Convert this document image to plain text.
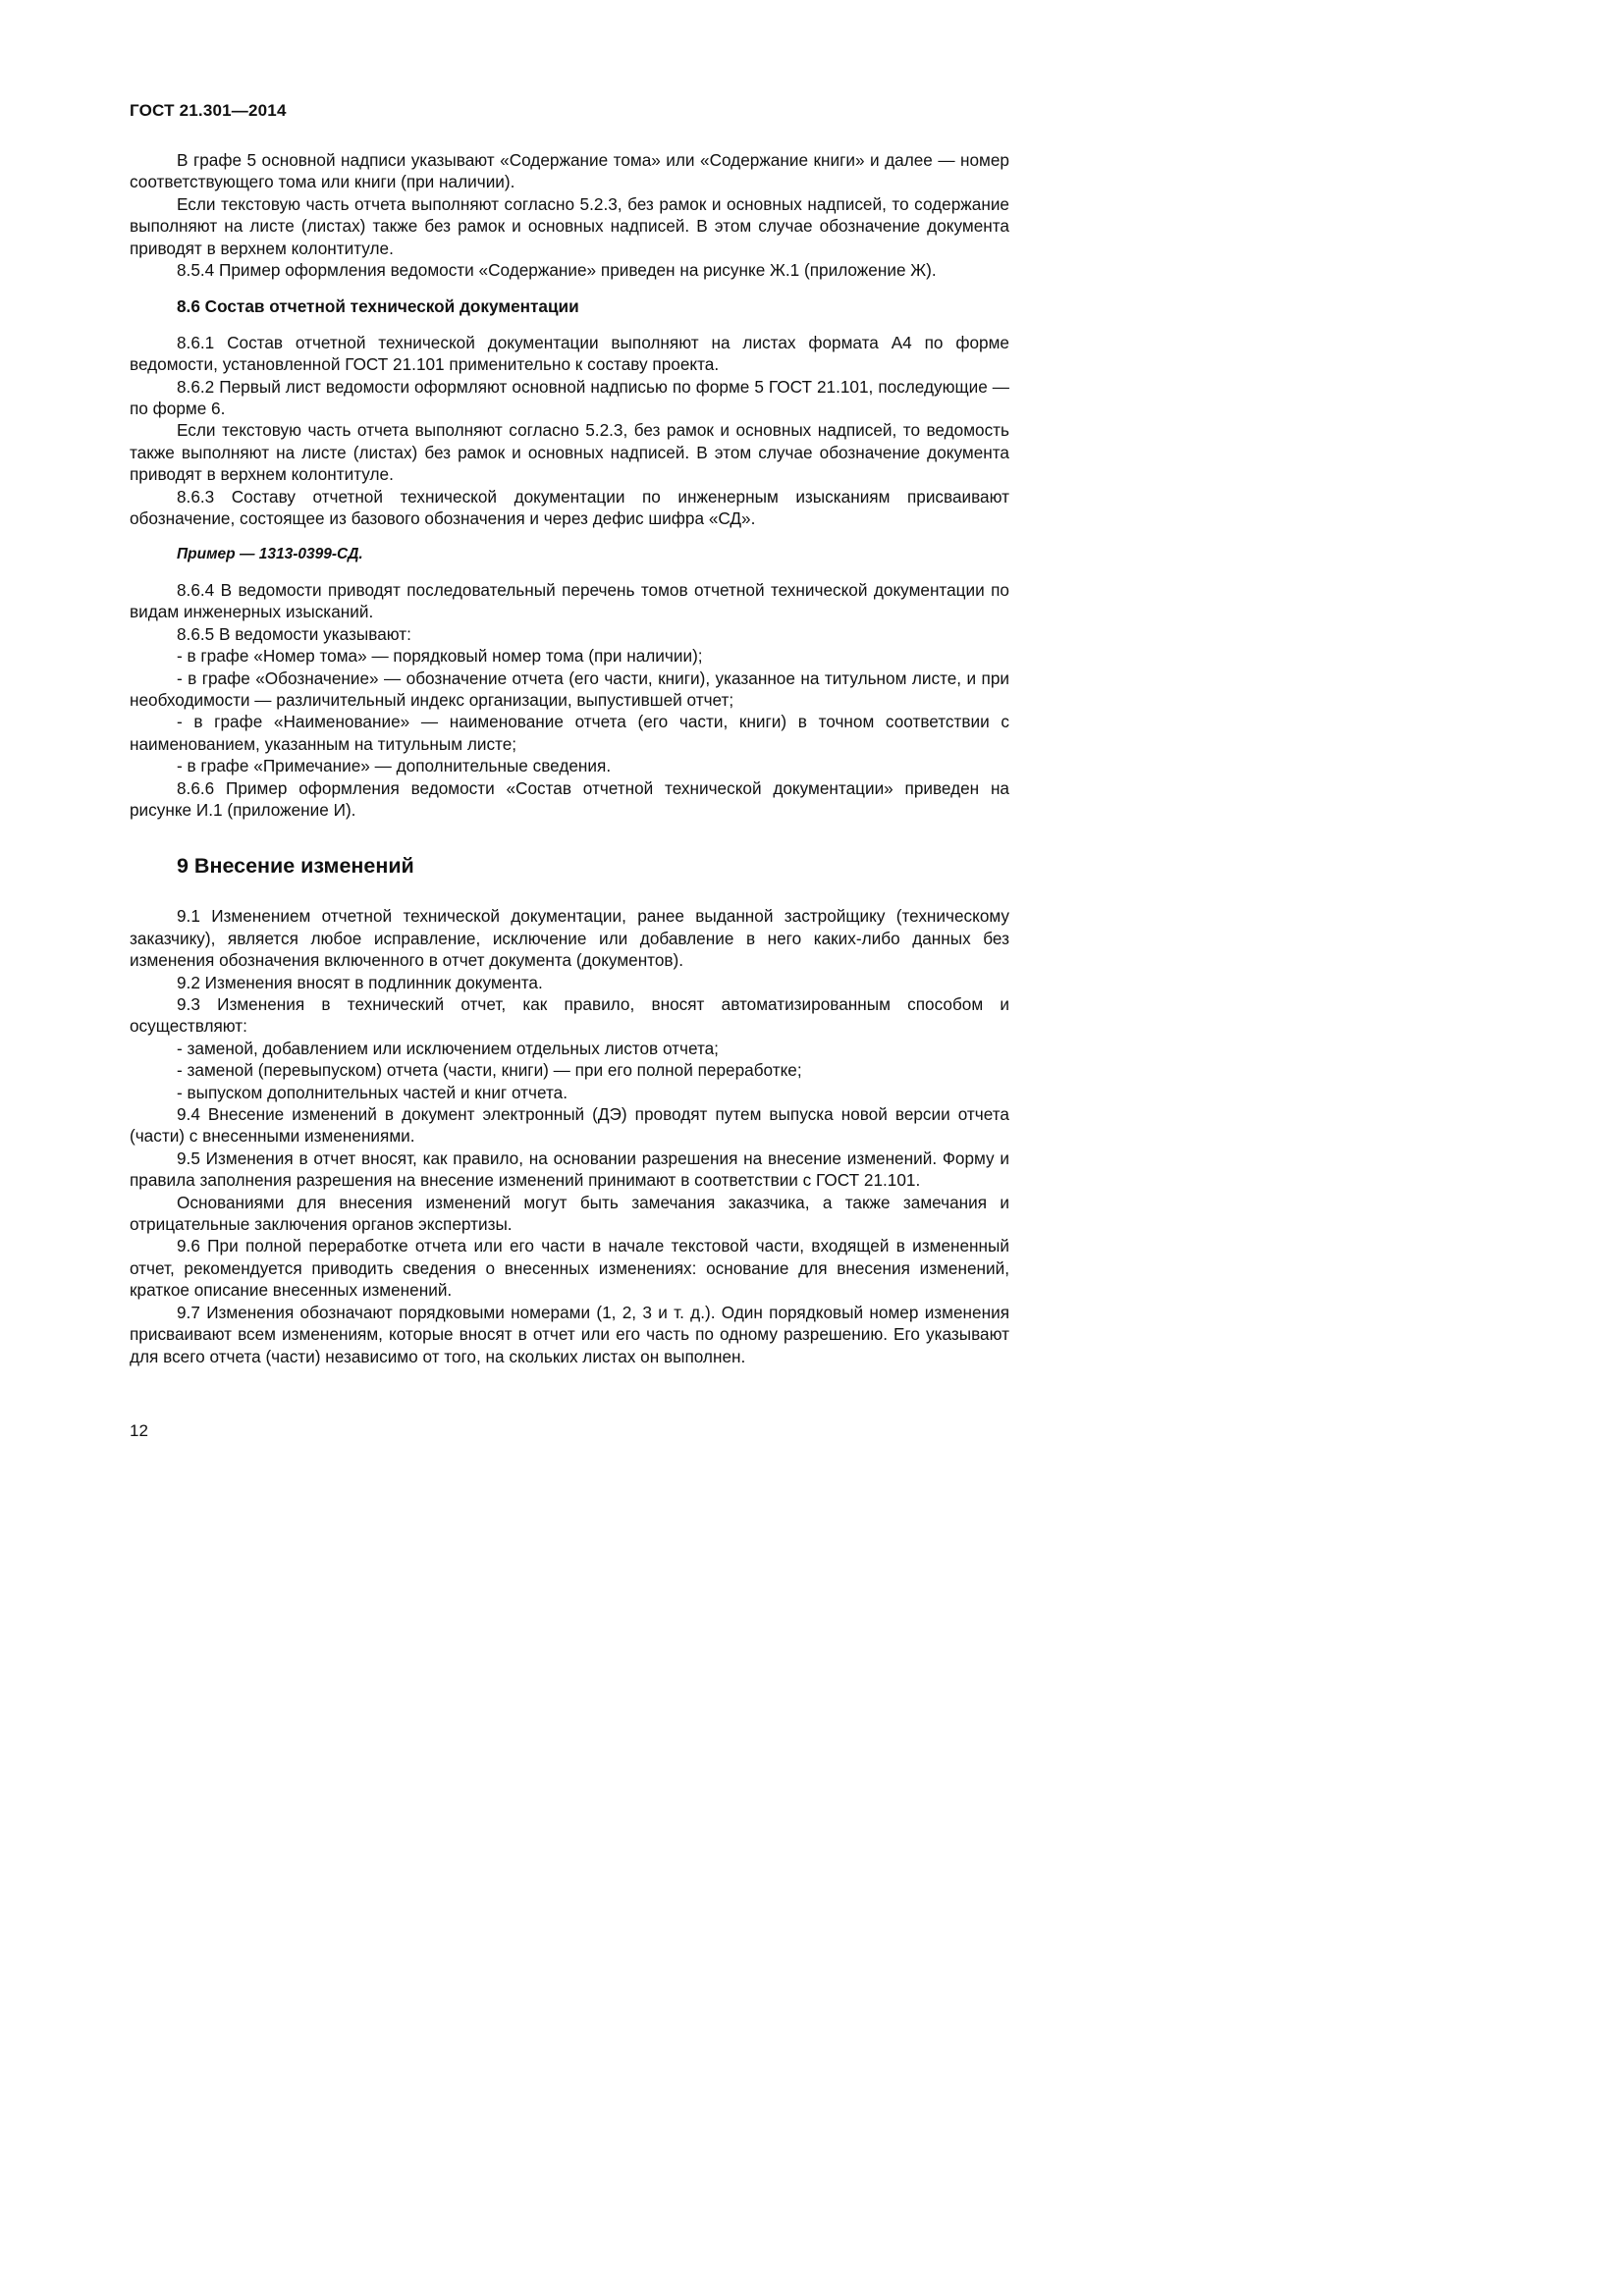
ГОСТ 21.301—2014

В графе 5 основной надписи указывают «Содержание тома» или «Содержание книги» и далее — номер соответствующего тома или книги (при наличии).

Если текстовую часть отчета выполняют согласно 5.2.3, без рамок и основных надписей, то содержание выполняют на листе (листах) также без рамок и основных надписей. В этом случае обозначение документа приводят в верхнем колонтитуле.

8.5.4 Пример оформления ведомости «Содержание» приведен на рисунке Ж.1 (приложение Ж).

8.6 Состав отчетной технической документации

8.6.1 Состав отчетной технической документации выполняют на листах формата А4 по форме ведомости, установленной ГОСТ 21.101 применительно к составу проекта.

8.6.2 Первый лист ведомости оформляют основной надписью по форме 5 ГОСТ 21.101, последующие — по форме 6.

Если текстовую часть отчета выполняют согласно 5.2.3, без рамок и основных надписей, то ведомость также выполняют на листе (листах) без рамок и основных надписей. В этом случае обозначение документа приводят в верхнем колонтитуле.

8.6.3 Составу отчетной технической документации по инженерным изысканиям присваивают обозначение, состоящее из базового обозначения и через дефис шифра «СД».

Пример — 1313-0399-СД.

8.6.4 В ведомости приводят последовательный перечень томов отчетной технической документации по видам инженерных изысканий.

8.6.5 В ведомости указывают:

- в графе «Номер тома» — порядковый номер тома (при наличии);

- в графе «Обозначение» — обозначение отчета (его части, книги), указанное на титульном листе, и при необходимости — различительный индекс организации, выпустившей отчет;

- в графе «Наименование» — наименование отчета (его части, книги) в точном соответствии с наименованием, указанным на титульным листе;

- в графе «Примечание» — дополнительные сведения.

8.6.6 Пример оформления ведомости «Состав отчетной технической документации» приведен на рисунке И.1 (приложение И).

9 Внесение изменений

9.1 Изменением отчетной технической документации, ранее выданной застройщику (техническому заказчику), является любое исправление, исключение или добавление в него каких-либо данных без изменения обозначения включенного в отчет документа (документов).

9.2 Изменения вносят в подлинник документа.

9.3 Изменения в технический отчет, как правило, вносят автоматизированным способом и осуществляют:

- заменой, добавлением или исключением отдельных листов отчета;

- заменой (перевыпуском) отчета (части, книги) — при его полной переработке;

- выпуском дополнительных частей и книг отчета.

9.4 Внесение изменений в документ электронный (ДЭ) проводят путем выпуска новой версии отчета (части) с внесенными изменениями.

9.5 Изменения в отчет вносят, как правило, на основании разрешения на внесение изменений. Форму и правила заполнения разрешения на внесение изменений принимают в соответствии с ГОСТ 21.101.

Основаниями для внесения изменений могут быть замечания заказчика, а также замечания и отрицательные заключения органов экспертизы.

9.6 При полной переработке отчета или его части в начале текстовой части, входящей в измененный отчет, рекомендуется приводить сведения о внесенных изменениях: основание для внесения изменений, краткое описание внесенных изменений.

9.7 Изменения обозначают порядковыми номерами (1, 2, 3 и т. д.). Один порядковый номер изменения присваивают всем изменениям, которые вносят в отчет или его часть по одному разрешению. Его указывают для всего отчета (части) независимо от того, на скольких листах он выполнен.

12
